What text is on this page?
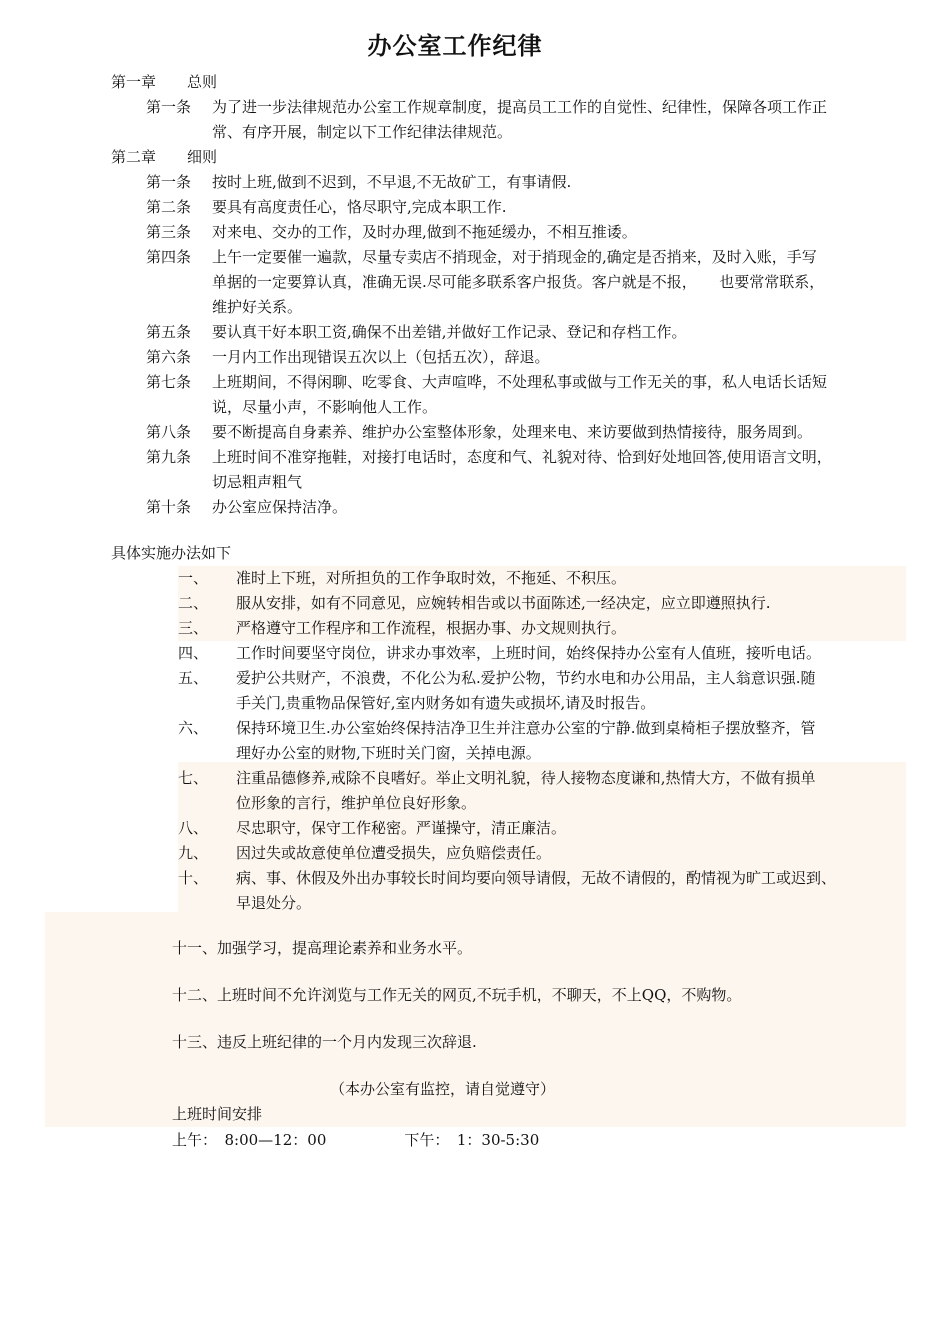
办公室工作纪律
第一章 总则
第一条	为了进一步法律规范办公室工作规章制度，提高员工工作的自觉性、纪律性，保障各项工作正
常、有序开展，制定以下工作纪律法律规范。
第二章 细则
第一条	按时上班,做到不迟到，不早退,不无故矿工，有事请假.
第二条	要具有高度责任心，恪尽职守,完成本职工作.
第三条	对来电、交办的工作，及时办理,做到不拖延缓办，不相互推诿。
第四条	上午一定要催一遍款，尽量专卖店不捎现金，对于捎现金的,确定是否捎来，及时入账，手写
单据的一定要算认真，准确无误.尽可能多联系客户报货。客户就是不报，　　也要常常联系，
维护好关系。
第五条	要认真干好本职工资,确保不出差错,并做好工作记录、登记和存档工作。
第六条	一月内工作出现错误五次以上（包括五次），辞退。
第七条	上班期间，不得闲聊、吃零食、大声喧哗，不处理私事或做与工作无关的事，私人电话长话短
说，尽量小声，不影响他人工作。
第八条	要不断提高自身素养、维护办公室整体形象，处理来电、来访要做到热情接待，服务周到。
第九条	上班时间不准穿拖鞋，对接打电话时，态度和气、礼貌对待、恰到好处地回答,使用语言文明，
切忌粗声粗气
第十条	办公室应保持洁净。
具体实施办法如下
一、	准时上下班，对所担负的工作争取时效，不拖延、不积压。
二、	服从安排，如有不同意见，应婉转相告或以书面陈述,一经决定，应立即遵照执行.
三、	严格遵守工作程序和工作流程，根据办事、办文规则执行。
四、	工作时间要坚守岗位，讲求办事效率，上班时间，始终保持办公室有人值班，接听电话。
五、	爱护公共财产，不浪费，不化公为私.爱护公物，节约水电和办公用品，主人翁意识强.随
手关门,贵重物品保管好,室内财务如有遗失或损坏,请及时报告。
六、	保持环境卫生.办公室始终保持洁净卫生并注意办公室的宁静.做到桌椅柜子摆放整齐，管
理好办公室的财物,下班时关门窗，关掉电源。
七、	注重品德修养,戒除不良嗜好。举止文明礼貌，待人接物态度谦和,热情大方，不做有损单
位形象的言行，维护单位良好形象。
八、	尽忠职守，保守工作秘密。严谨操守，清正廉洁。
九、	因过失或故意使单位遭受损失，应负赔偿责任。
十、	病、事、休假及外出办事较长时间均要向领导请假，无故不请假的，酌情视为旷工或迟到、
早退处分。
十一、加强学习，提高理论素养和业务水平。
十二、上班时间不允许浏览与工作无关的网页,不玩手机，不聊天，不上QQ，不购物。
十三、违反上班纪律的一个月内发现三次辞退.
（本办公室有监控，请自觉遵守）
上班时间安排
上午：　8:00—12：00	下午：　1：30-5:30
